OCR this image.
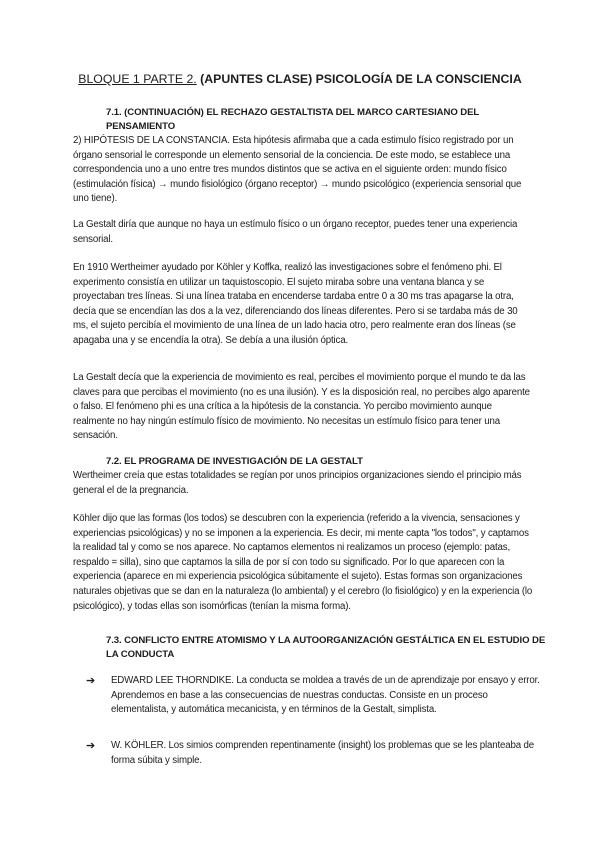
BLOQUE 1 PARTE 2. (APUNTES CLASE) PSICOLOGÍA DE LA CONSCIENCIA
7.1. (CONTINUACIÓN) EL RECHAZO GESTALTISTA DEL MARCO CARTESIANO DEL PENSAMIENTO

2) HIPÓTESIS DE LA CONSTANCIA. Esta hipótesis afirmaba que a cada estimulo físico registrado por un órgano sensorial le corresponde un elemento sensorial de la conciencia. De este modo, se establece una correspondencia uno a uno entre tres mundos distintos que se activa en el siguiente orden: mundo físico (estimulación física) → mundo fisiológico (órgano receptor) → mundo psicológico (experiencia sensorial que uno tiene).

La Gestalt diría que aunque no haya un estímulo físico o un órgano receptor, puedes tener una experiencia sensorial.

En 1910 Wertheimer ayudado por Köhler y Koffka, realizó las investigaciones sobre el fenómeno phi. El experimento consistía en utilizar un taquistoscopio. El sujeto miraba sobre una ventana blanca y se proyectaban tres líneas. Si una línea trataba en encenderse tardaba entre 0 a 30 ms tras apagarse la otra, decía que se encendían las dos a la vez, diferenciando dos líneas diferentes. Pero si se tardaba más de 30 ms, el sujeto percibía el movimiento de una línea de un lado hacia otro, pero realmente eran dos líneas (se apagaba una y se encendía la otra). Se debía a una ilusión óptica.

La Gestalt decía que la experiencia de movimiento es real, percibes el movimiento porque el mundo te da las claves para que percibas el movimiento (no es una ilusión). Y es la disposición real, no percibes algo aparente o falso. El fenómeno phi es una crítica a la hipótesis de la constancia. Yo percibo movimiento aunque realmente no hay ningún estímulo físico de movimiento. No necesitas un estímulo físico para tener una sensación.

7.2. EL PROGRAMA DE INVESTIGACIÓN DE LA GESTALT

Wertheimer creía que estas totalidades se regían por unos principios organizaciones siendo el principio más general el de la pregnancia.

Köhler dijo que las formas (los todos) se descubren con la experiencia (referido a la vivencia, sensaciones y experiencias psicológicas) y no se imponen a la experiencia. Es decir, mi mente capta "los todos", y captamos la realidad tal y como se nos aparece. No captamos elementos ni realizamos un proceso (ejemplo: patas, respaldo = silla), sino que captamos la silla de por sí con todo su significado. Por lo que aparecen con la experiencia (aparece en mi experiencia psicológica súbitamente el sujeto). Estas formas son organizaciones naturales objetivas que se dan en la naturaleza (lo ambiental) y el cerebro (lo fisiológico) y en la experiencia (lo psicológico), y todas ellas son isomórficas (tenían la misma forma).

7.3. CONFLICTO ENTRE ATOMISMO Y LA AUTOORGANIZACIÓN GESTÁLTICA EN EL ESTUDIO DE LA CONDUCTA
➔ EDWARD LEE THORNDIKE. La conducta se moldea a través de un de aprendizaje por ensayo y error. Aprendemos en base a las consecuencias de nuestras conductas. Consiste en un proceso elementalista, y automática mecanicista, y en términos de la Gestalt, simplista.

➔ W. KÖHLER. Los simios comprenden repentinamente (insight) los problemas que se les planteaba de forma súbita y simple.
